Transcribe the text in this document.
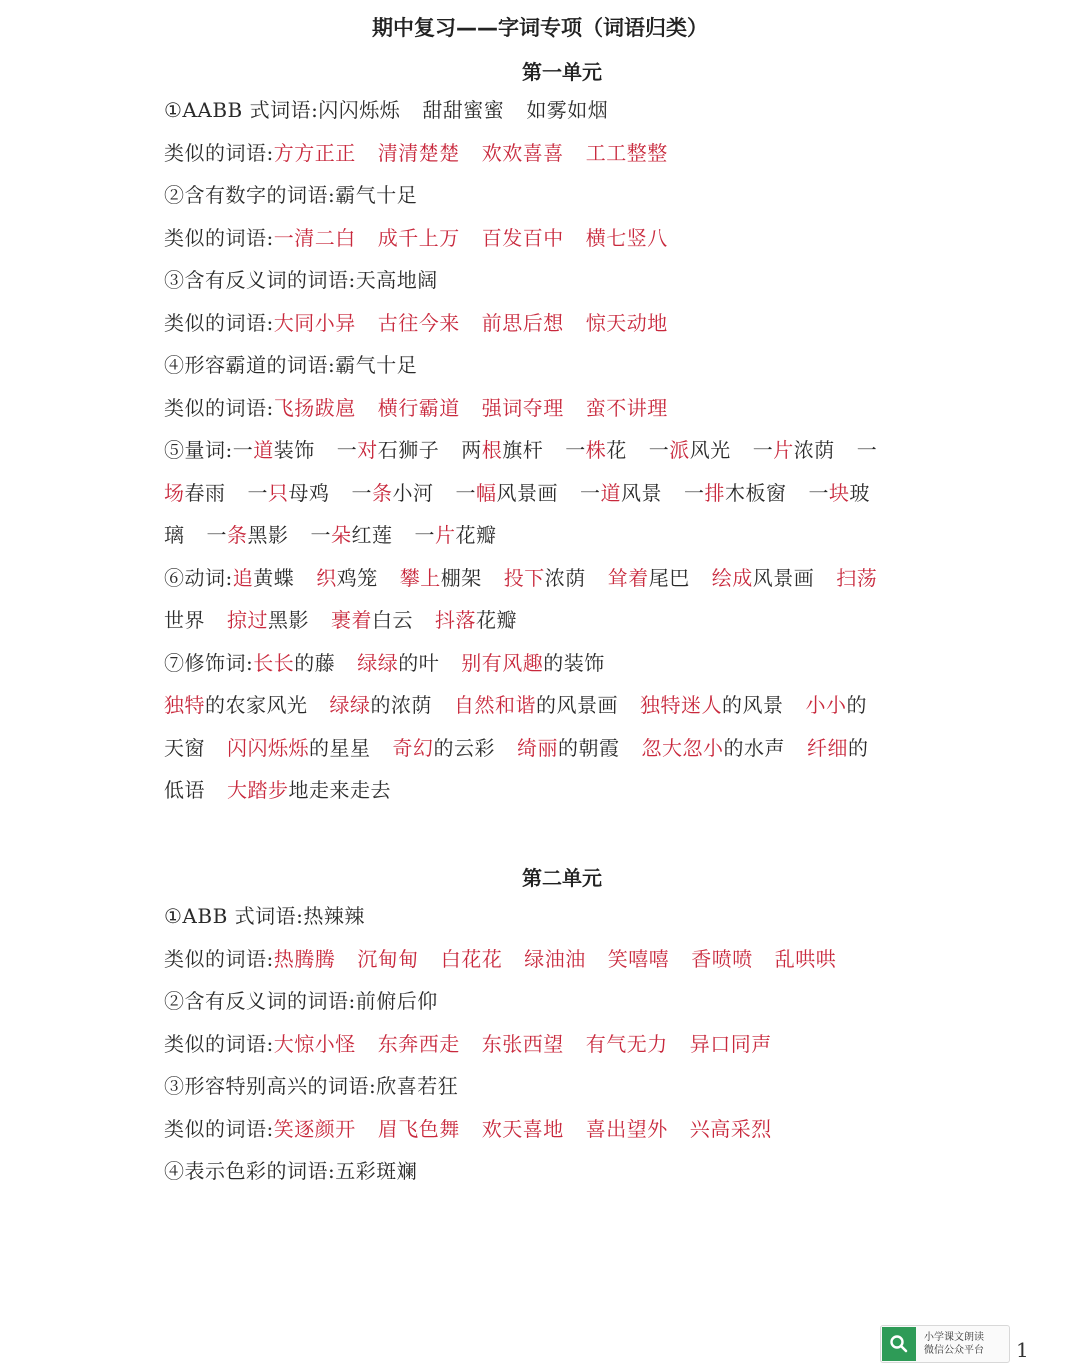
期中复习——字词专项（词语归类）
第一单元
第二单元
①AABB 式词语:闪闪烁烁 甜甜蜜蜜 如雾如烟
类似的词语:方方正正 清清楚楚 欢欢喜喜 工工整整
②含有数字的词语:霸气十足
类似的词语:一清二白 成千上万 百发百中 横七竖八
③含有反义词的词语:天高地阔
类似的词语:大同小异 古往今来 前思后想 惊天动地
④形容霸道的词语:霸气十足
类似的词语:飞扬跋扈 横行霸道 强词夺理 蛮不讲理
⑤量词:一道装饰 一对石狮子 两根旗杆 一株花 一派风光 一片浓荫 一
场春雨 一只母鸡 一条小河 一幅风景画 一道风景 一排木板窗 一块玻
璃 一条黑影 一朵红莲 一片花瓣
⑥动词:追黄蝶 织鸡笼 攀上棚架 投下浓荫 耸着尾巴 绘成风景画 扫荡
世界 掠过黑影 裹着白云 抖落花瓣
⑦修饰词:长长的藤 绿绿的叶 别有风趣的装饰
独特的农家风光 绿绿的浓荫 自然和谐的风景画 独特迷人的风景 小小的
天窗 闪闪烁烁的星星 奇幻的云彩 绮丽的朝霞 忽大忽小的水声 纤细的
低语 大踏步地走来走去
①ABB 式词语:热辣辣
类似的词语:热腾腾 沉甸甸 白花花 绿油油 笑嘻嘻 香喷喷 乱哄哄
②含有反义词的词语:前俯后仰
类似的词语:大惊小怪 东奔西走 东张西望 有气无力 异口同声
③形容特别高兴的词语:欣喜若狂
类似的词语:笑逐颜开 眉飞色舞 欢天喜地 喜出望外 兴高采烈
④表示色彩的词语:五彩斑斓
小学课文朗读
微信公众平台 1
